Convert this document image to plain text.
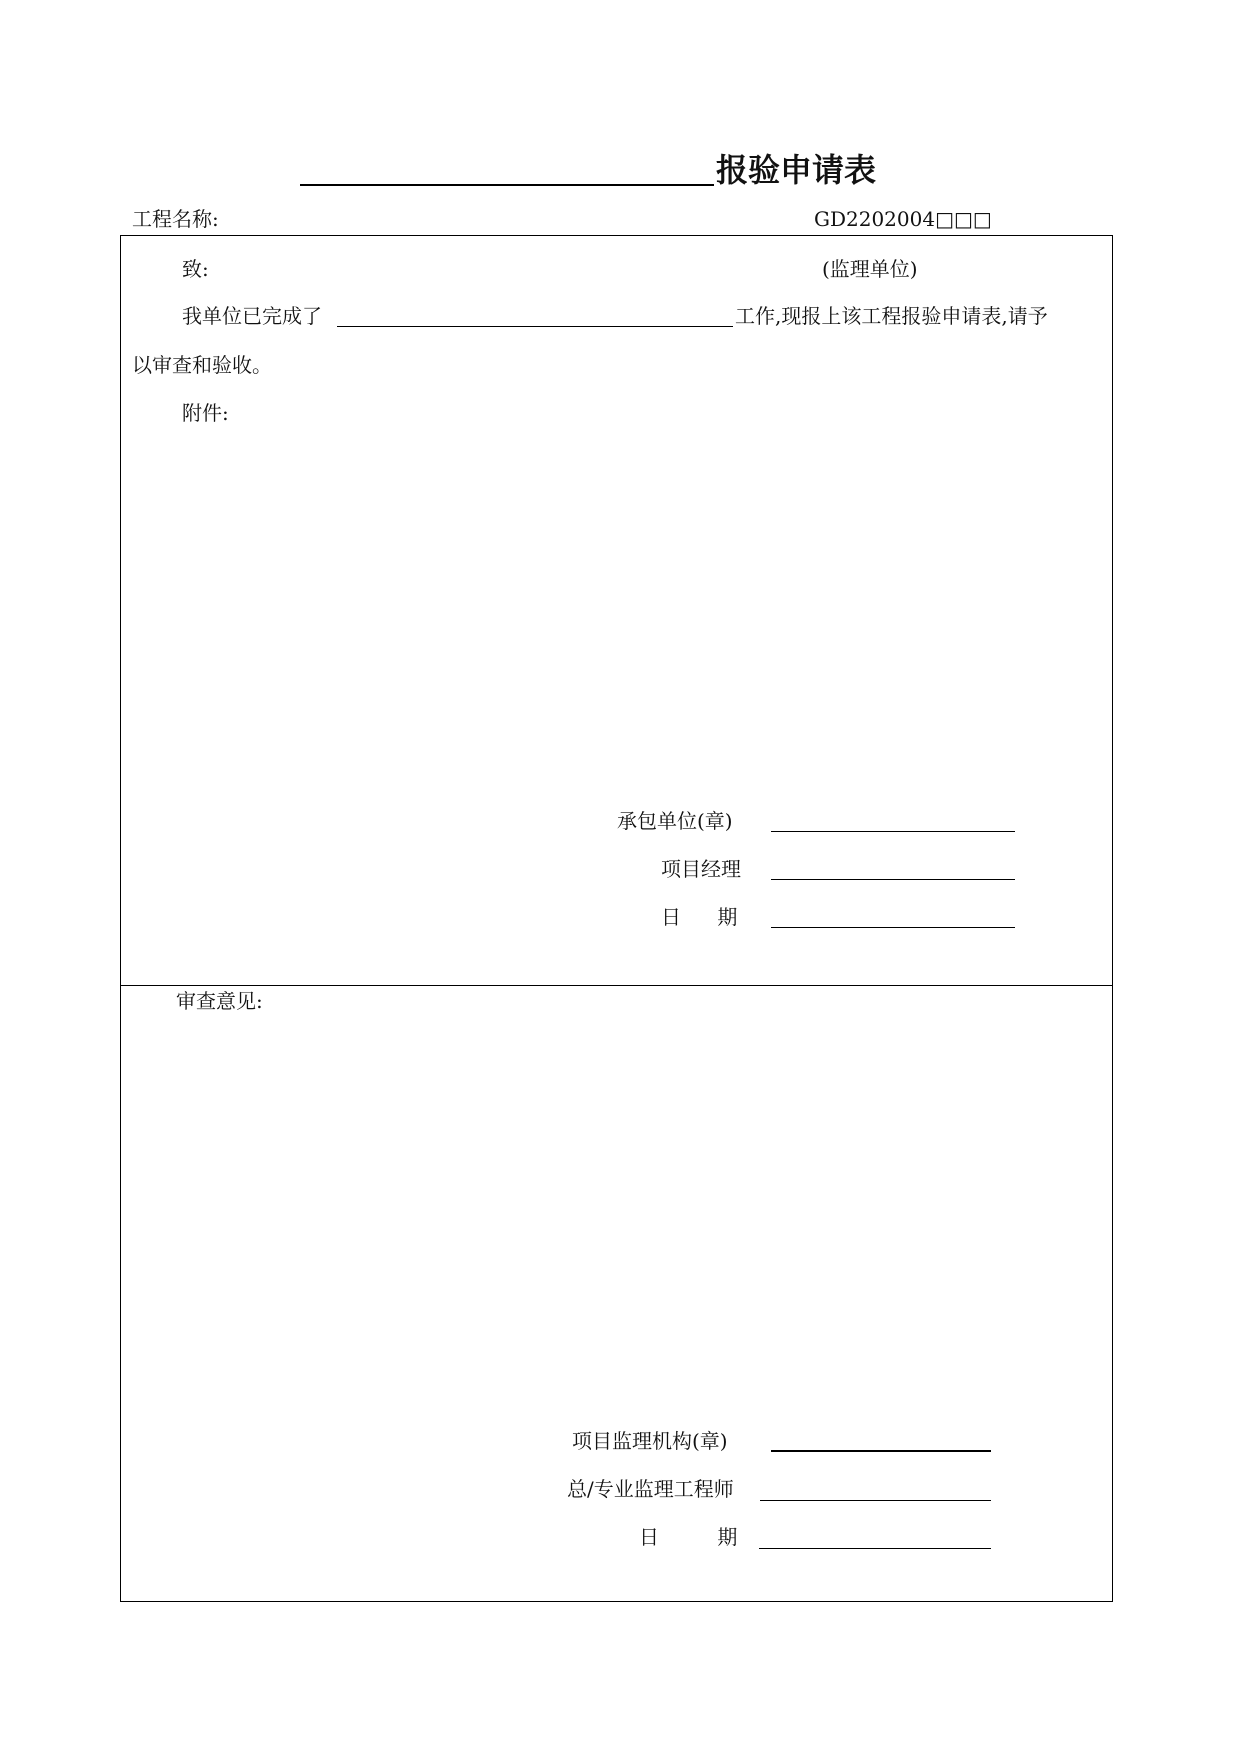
报验申请表
工程名称:	GD2202004□□□
致:	(监理单位)
我单位已完成了	工作,现报上该工程报验申请表,请予
以审查和验收。
附件:
承包单位(章)
项目经理
日 期
审查意见:
项目监理机构(章)
总/专业监理工程师
日 期
